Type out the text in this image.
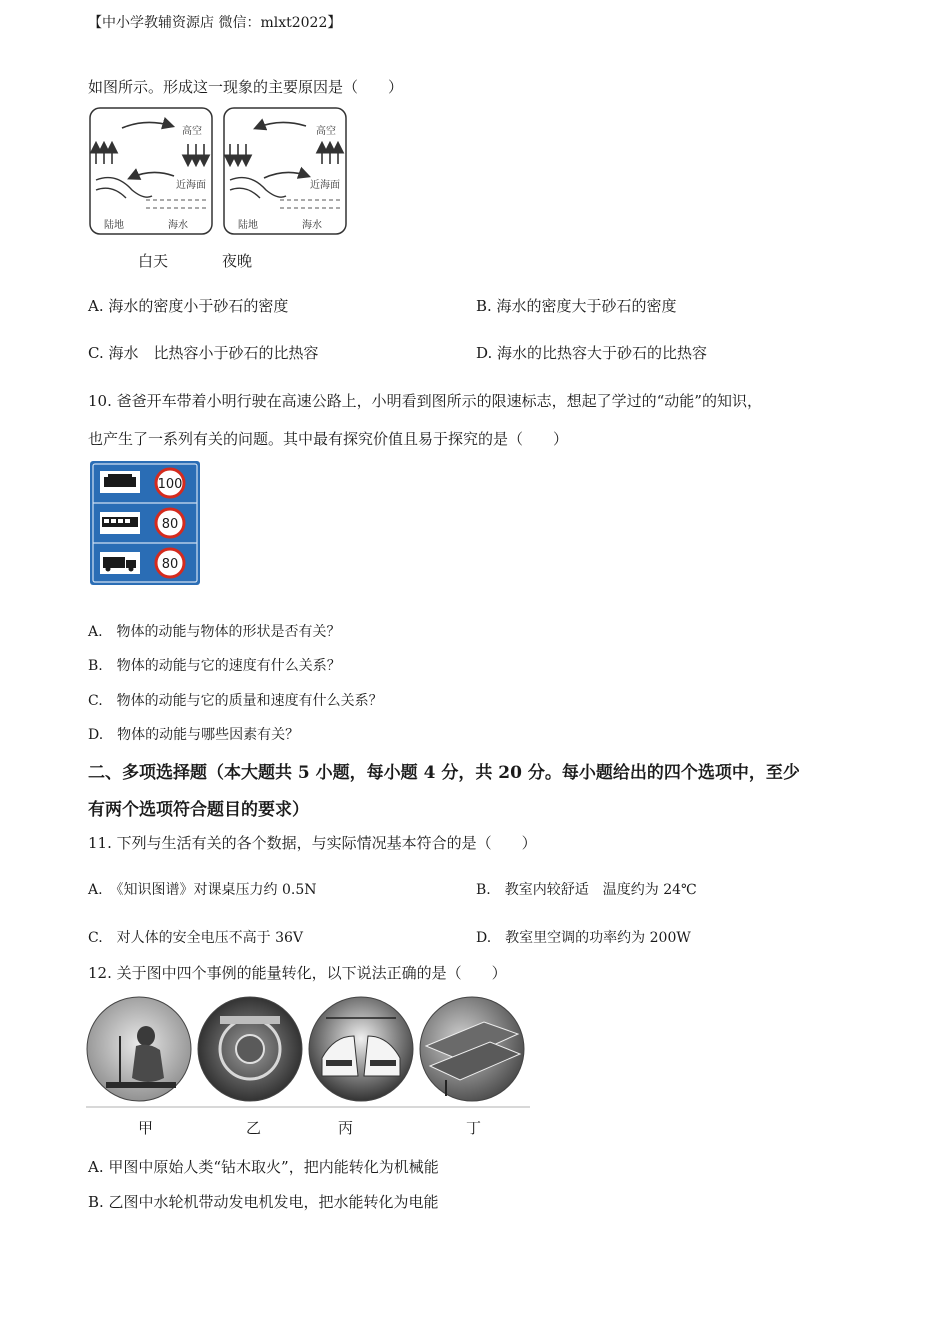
【中小学教辅资源店 微信：mlxt2022】
如图所示。形成这一现象的主要原因是（　　）
高空
近海面
陆地	海水
高空
近海面
陆地	海水
白天	夜晚
A. 海水的密度小于砂石的密度	B. 海水的密度大于砂石的密度
C. 海水　比热容小于砂石的比热容	D. 海水的比热容大于砂石的比热容
10. 爸爸开车带着小明行驶在高速公路上，小明看到图所示的限速标志，想起了学过的“动能”的知识，
也产生了一系列有关的问题。其中最有探究价值且易于探究的是（　　）
100
80
80
A.　物体的动能与物体的形状是否有关？
B.　物体的动能与它的速度有什么关系？
C.　物体的动能与它的质量和速度有什么关系？
D.　物体的动能与哪些因素有关？
二、多项选择题（本大题共 5 小题，每小题 4 分，共 20 分。每小题给出的四个选项中，至少
有两个选项符合题目的要求）
11. 下列与生活有关的各个数据，与实际情况基本符合的是（　　）
A.　《知识图谱》对课桌压力约 0.5N	B.　教室内较舒适　温度约为 24℃
C.　对人体的安全电压不高于 36V	D.　教室里空调的功率约为 200W
12. 关于图中四个事例的能量转化，以下说法正确的是（　　）
甲	乙	丙	丁
A. 甲图中原始人类“钻木取火”，把内能转化为机械能
B. 乙图中水轮机带动发电机发电，把水能转化为电能
